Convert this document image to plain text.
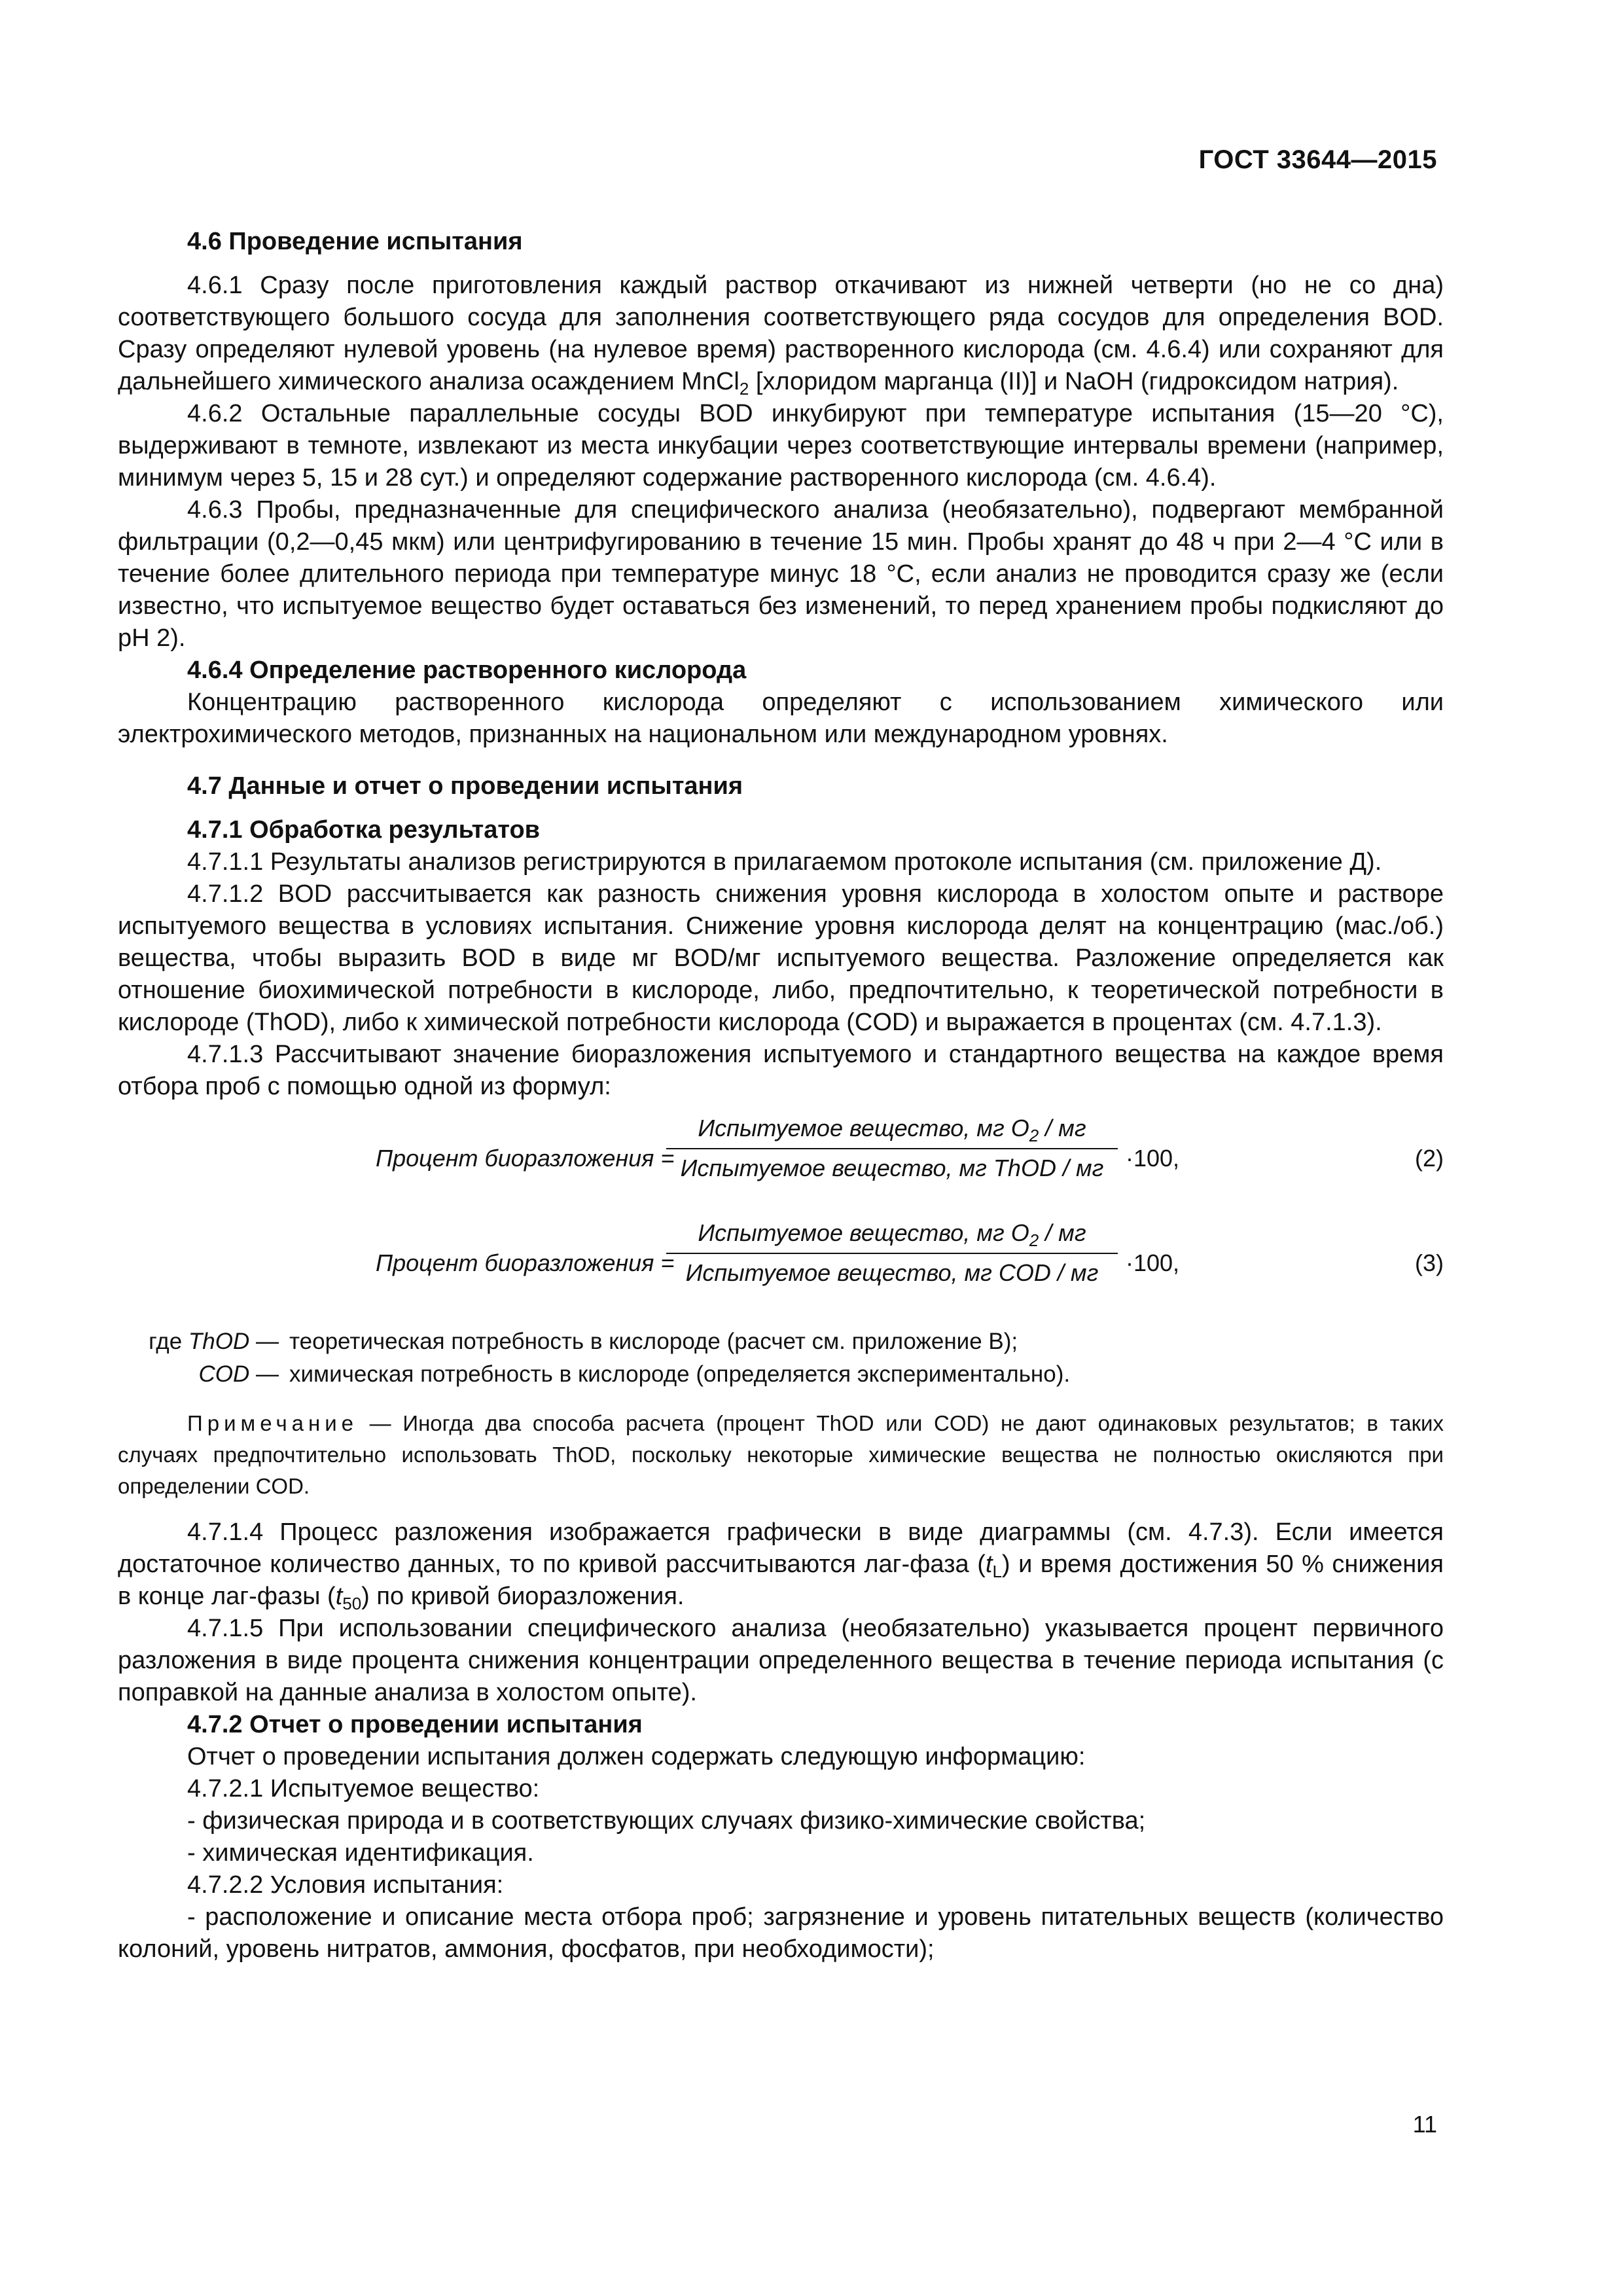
ГОСТ 33644—2015

4.6 Проведение испытания

4.6.1 Сразу после приготовления каждый раствор откачивают из нижней четверти (но не со дна) соответствующего большого сосуда для заполнения соответствующего ряда сосудов для определения BOD. Сразу определяют нулевой уровень (на нулевое время) растворенного кислорода (см. 4.6.4) или сохраняют для дальнейшего химического анализа осаждением MnCl$_2$ [хлоридом марганца (II)] и NaOH (гидроксидом натрия).

4.6.2 Остальные параллельные сосуды BOD инкубируют при температуре испытания (15—20 °С), выдерживают в темноте, извлекают из места инкубации через соответствующие интервалы времени (например, минимум через 5, 15 и 28 сут.) и определяют содержание растворенного кислорода (см. 4.6.4).

4.6.3 Пробы, предназначенные для специфического анализа (необязательно), подвергают мембранной фильтрации (0,2—0,45 мкм) или центрифугированию в течение 15 мин. Пробы хранят до 48 ч при 2—4 °С или в течение более длительного периода при температуре минус 18 °С, если анализ не проводится сразу же (если известно, что испытуемое вещество будет оставаться без изменений, то перед хранением пробы подкисляют до рН 2).

4.6.4 Определение растворенного кислорода

Концентрацию растворенного кислорода определяют с использованием химического или электрохимического методов, признанных на национальном или международном уровнях.

4.7 Данные и отчет о проведении испытания

4.7.1 Обработка результатов

4.7.1.1 Результаты анализов регистрируются в прилагаемом протоколе испытания (см. приложение Д).

4.7.1.2 BOD рассчитывается как разность снижения уровня кислорода в холостом опыте и растворе испытуемого вещества в условиях испытания. Снижение уровня кислорода делят на концентрацию (мас./об.) вещества, чтобы выразить BOD в виде мг BOD/мг испытуемого вещества. Разложение определяется как отношение биохимической потребности в кислороде, либо, предпочтительно, к теоретической потребности в кислороде (ThOD), либо к химической потребности кислорода (COD) и выражается в процентах (см. 4.7.1.3).

4.7.1.3 Рассчитывают значение биоразложения испытуемого и стандартного вещества на каждое время отбора проб с помощью одной из формул:

Процент биоразложения =
Испытуемое вещество, мг $O_2$ / мг
Испытуемое вещество, мг ThOD / мг ·100,	(2)
Процент биоразложения =
Испытуемое вещество, мг $O_2$ / мг
Испытуемое вещество, мг COD / мг	·100,	(3)
где ThOD — теоретическая потребность в кислороде (расчет см. приложение В);
COD — химическая потребность в кислороде (определяется экспериментально).

Примечание — Иногда два способа расчета (процент ThOD или COD) не дают одинаковых результатов; в таких случаях предпочтительно использовать ThOD, поскольку некоторые химические вещества не полностью окисляются при определении COD.

4.7.1.4 Процесс разложения изображается графически в виде диаграммы (см. 4.7.3). Если имеется достаточное количество данных, то по кривой рассчитываются лаг-фаза $(t_L)$ и время достижения 50 % снижения в конце лаг-фазы $(t_{50})$ по кривой биоразложения.

4.7.1.5 При использовании специфического анализа (необязательно) указывается процент первичного разложения в виде процента снижения концентрации определенного вещества в течение периода испытания (с поправкой на данные анализа в холостом опыте).

4.7.2 Отчет о проведении испытания

Отчет о проведении испытания должен содержать следующую информацию:

4.7.2.1 Испытуемое вещество:

- физическая природа и в соответствующих случаях физико-химические свойства;

- химическая идентификация.

4.7.2.2 Условия испытания:

- расположение и описание места отбора проб; загрязнение и уровень питательных веществ (количество колоний, уровень нитратов, аммония, фосфатов, при необходимости);

11
